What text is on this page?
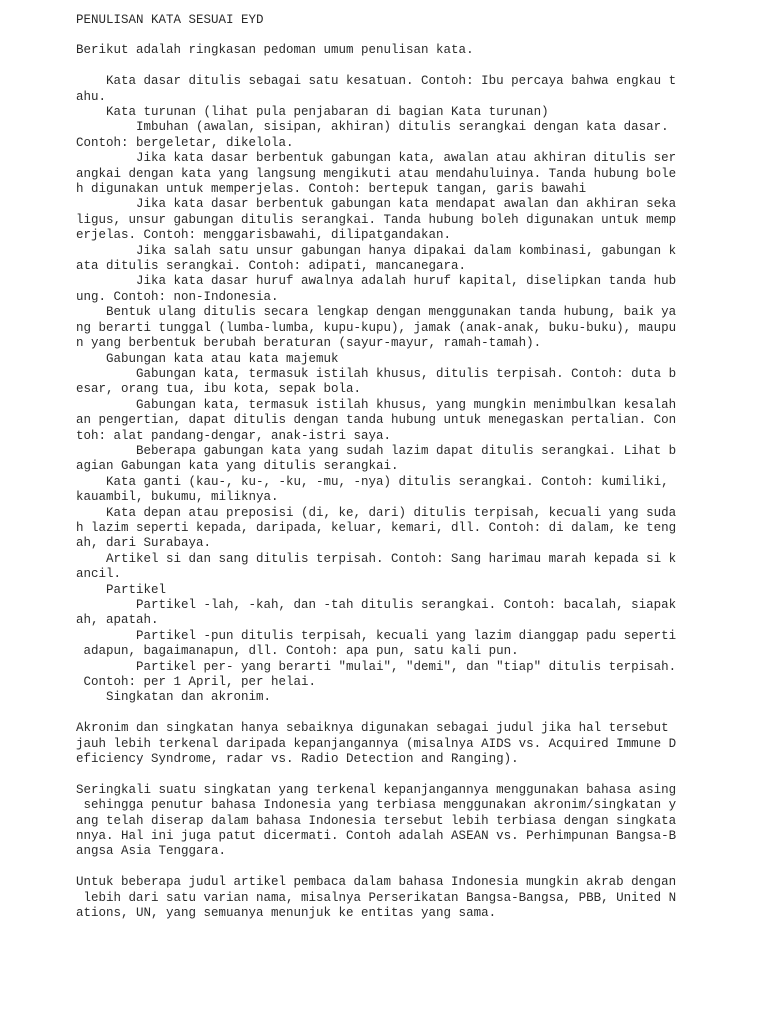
PENULISAN KATA SESUAI EYD
Berikut adalah ringkasan pedoman umum penulisan kata.
Kata dasar ditulis sebagai satu kesatuan. Contoh: Ibu percaya bahwa engkau t
ahu.
Kata turunan (lihat pula penjabaran di bagian Kata turunan)
Imbuhan (awalan, sisipan, akhiran) ditulis serangkai dengan kata dasar.
Contoh: bergeletar, dikelola.
Jika kata dasar berbentuk gabungan kata, awalan atau akhiran ditulis ser
angkai dengan kata yang langsung mengikuti atau mendahuluinya. Tanda hubung bole
h digunakan untuk memperjelas. Contoh: bertepuk tangan, garis bawahi
Jika kata dasar berbentuk gabungan kata mendapat awalan dan akhiran seka
ligus, unsur gabungan ditulis serangkai. Tanda hubung boleh digunakan untuk memp
erjelas. Contoh: menggarisbawahi, dilipatgandakan.
Jika salah satu unsur gabungan hanya dipakai dalam kombinasi, gabungan k
ata ditulis serangkai. Contoh: adipati, mancanegara.
Jika kata dasar huruf awalnya adalah huruf kapital, diselipkan tanda hub
ung. Contoh: non-Indonesia.
Bentuk ulang ditulis secara lengkap dengan menggunakan tanda hubung, baik ya
ng berarti tunggal (lumba-lumba, kupu-kupu), jamak (anak-anak, buku-buku), maupu
n yang berbentuk berubah beraturan (sayur-mayur, ramah-tamah).
Gabungan kata atau kata majemuk
Gabungan kata, termasuk istilah khusus, ditulis terpisah. Contoh: duta b
esar, orang tua, ibu kota, sepak bola.
Gabungan kata, termasuk istilah khusus, yang mungkin menimbulkan kesalah
an pengertian, dapat ditulis dengan tanda hubung untuk menegaskan pertalian. Con
toh: alat pandang-dengar, anak-istri saya.
Beberapa gabungan kata yang sudah lazim dapat ditulis serangkai. Lihat b
agian Gabungan kata yang ditulis serangkai.
Kata ganti (kau-, ku-, -ku, -mu, -nya) ditulis serangkai. Contoh: kumiliki,
kauambil, bukumu, miliknya.
Kata depan atau preposisi (di, ke, dari) ditulis terpisah, kecuali yang suda
h lazim seperti kepada, daripada, keluar, kemari, dll. Contoh: di dalam, ke teng
ah, dari Surabaya.
Artikel si dan sang ditulis terpisah. Contoh: Sang harimau marah kepada si k
ancil.
Partikel
Partikel -lah, -kah, dan -tah ditulis serangkai. Contoh: bacalah, siapak
ah, apatah.
Partikel -pun ditulis terpisah, kecuali yang lazim dianggap padu seperti
adapun, bagaimanapun, dll. Contoh: apa pun, satu kali pun.
Partikel per- yang berarti "mulai", "demi", dan "tiap" ditulis terpisah.
Contoh: per 1 April, per helai.
Singkatan dan akronim.
Akronim dan singkatan hanya sebaiknya digunakan sebagai judul jika hal tersebut
jauh lebih terkenal daripada kepanjangannya (misalnya AIDS vs. Acquired Immune D
eficiency Syndrome, radar vs. Radio Detection and Ranging).
Seringkali suatu singkatan yang terkenal kepanjangannya menggunakan bahasa asing
sehingga penutur bahasa Indonesia yang terbiasa menggunakan akronim/singkatan y
ang telah diserap dalam bahasa Indonesia tersebut lebih terbiasa dengan singkata
nnya. Hal ini juga patut dicermati. Contoh adalah ASEAN vs. Perhimpunan Bangsa-B
angsa Asia Tenggara.
Untuk beberapa judul artikel pembaca dalam bahasa Indonesia mungkin akrab dengan
lebih dari satu varian nama, misalnya Perserikatan Bangsa-Bangsa, PBB, United N
ations, UN, yang semuanya menunjuk ke entitas yang sama.
